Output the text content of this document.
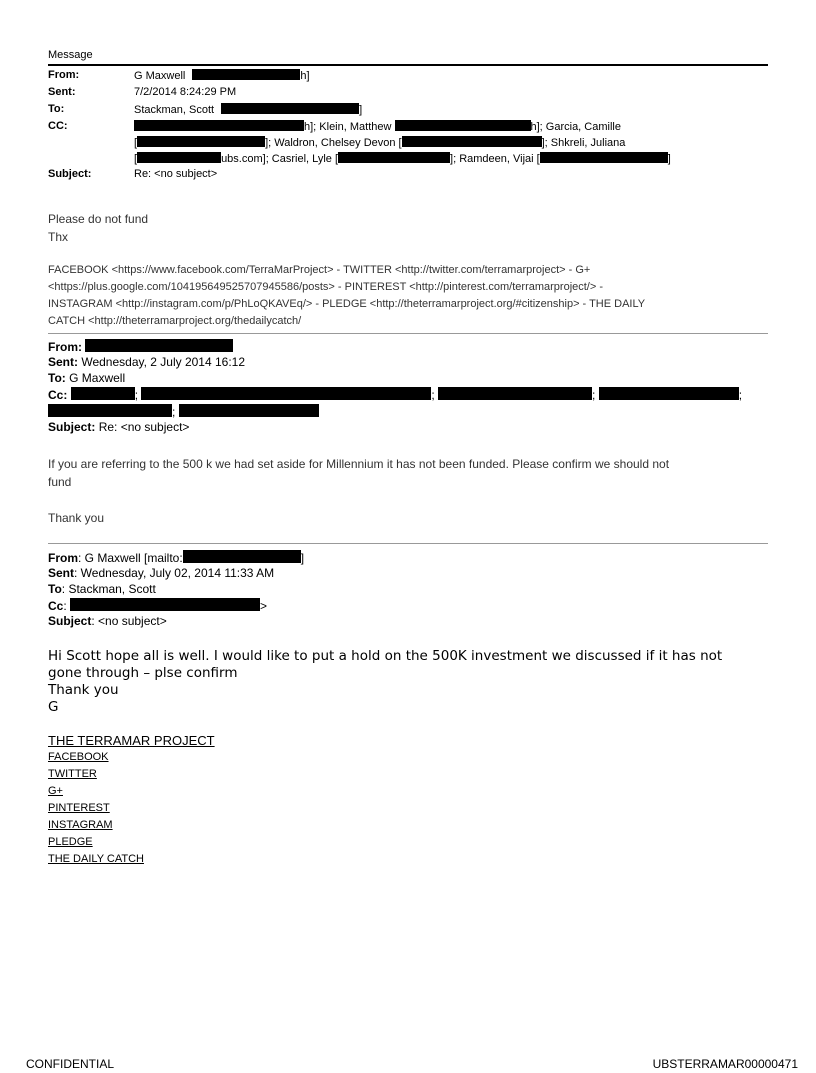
Message
From:	G Maxwell	h]
Sent:	7/2/2014 8:24:29 PM
To:	Stackman, Scott	]
CC:	h]; Klein, Matthew	h]; Garcia, Camille
[	]; Waldron, Chelsey Devon [	]; Shkreli, Juliana
[	ubs.com]; Casriel, Lyle [	]; Ramdeen, Vijai [	]
Subject:	Re: <no subject>
Please do not fund
Thx
FACEBOOK <https://www.facebook.com/TerraMarProject> - TWITTER <http://twitter.com/terramarproject> - G+
<https://plus.google.com/104195649525707945586/posts> - PINTEREST <http://pinterest.com/terramarproject/> -
INSTAGRAM <http://instagram.com/p/PhLoQKAVEq/> - PLEDGE <http://theterramarproject.org/#citizenship> - THE DAILY
CATCH <http://theterramarproject.org/thedailycatch/
From:
Sent: Wednesday, 2 July 2014 16:12
To: G Maxwell
Cc:	;	;	;	;
;
Subject: Re: <no subject>
If you are referring to the 500 k we had set aside for Millennium it has not been funded. Please confirm we should not
fund
Thank you
From: G Maxwell [mailto:	]
Sent: Wednesday, July 02, 2014 11:33 AM
To: Stackman, Scott
Cc:	>
Subject: <no subject>
Hi Scott hope all is well. I would like to put a hold on the 500K investment we discussed if it has not
gone through – plse confirm
Thank you
G
THE TERRAMAR PROJECT
FACEBOOK
TWITTER
G+
PINTEREST
INSTAGRAM
PLEDGE
THE DAILY CATCH
CONFIDENTIAL	UBSTERRAMAR00000471
